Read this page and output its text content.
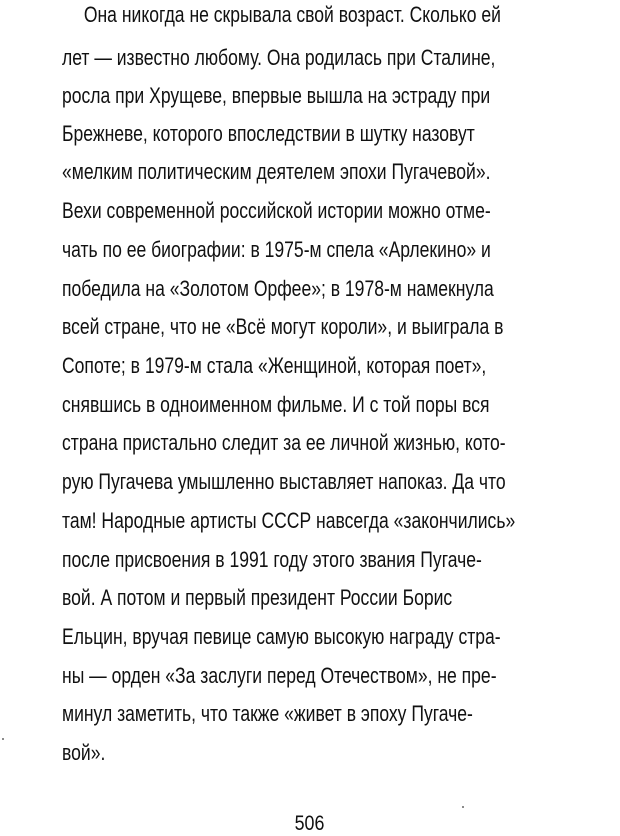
Она никогда не скрывала свой возраст. Сколько ей
лет — известно любому. Она родилась при Сталине,
росла при Хрущеве, впервые вышла на эстраду при
Брежневе, которого впоследствии в шутку назовут
«мелким политическим деятелем эпохи Пугачевой».
Вехи современной российской истории можно отме-
чать по ее биографии: в 1975-м спела «Арлекино» и
победила на «Золотом Орфее»; в 1978-м намекнула
всей стране, что не «Всё могут короли», и выиграла в
Сопоте; в 1979-м стала «Женщиной, которая поет»,
снявшись в одноименном фильме. И с той поры вся
страна пристально следит за ее личной жизнью, кото-
рую Пугачева умышленно выставляет напоказ. Да что
там! Народные артисты СССР навсегда «закончились»
после присвоения в 1991 году этого звания Пугаче-
вой. А потом и первый президент России Борис
Ельцин, вручая певице самую высокую награду стра-
ны — орден «За заслуги перед Отечеством», не пре-
минул заметить, что также «живет в эпоху Пугаче-
вой».
506
